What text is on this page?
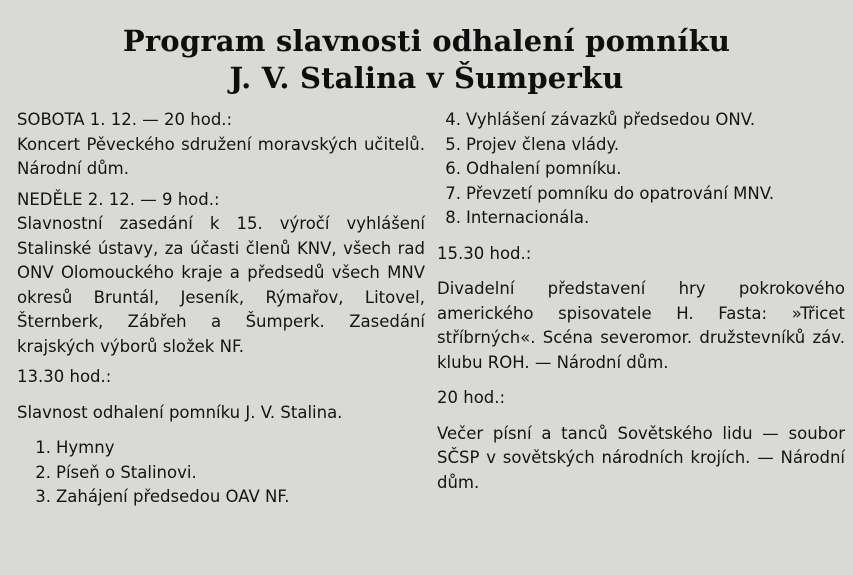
Program slavnosti odhalení pomníku
J. V. Stalina v Šumperku

SOBOTA 1. 12. — 20 hod.:

Koncert Pěveckého sdružení moravských učitelů. Národní dům.

NEDĚLE 2. 12. — 9 hod.:

Slavnostní zasedání k 15. výročí vyhlášení Stalinské ústavy, za účasti členů KNV, všech rad ONV Olomouckého kraje a předsedů všech MNV okresů Bruntál, Jeseník, Rýmařov, Litovel, Šternberk, Zábřeh a Šumperk. Zasedání krajských výborů složek NF.

13.30 hod.:

Slavnost odhalení pomníku J. V. Stalina.

1. Hymny
2. Píseň o Stalinovi.
3. Zahájení předsedou OAV NF.
4. Vyhlášení závazků předsedou ONV.
5. Projev člena vlády.
6. Odhalení pomníku.
7. Převzetí pomníku do opatrování MNV.
8. Internacionála.

15.30 hod.:

Divadelní představení hry pokrokového amerického spisovatele H. Fasta: »Třicet stříbrných«. Scéna severomor. družstevníků záv. klubu ROH. — Národní dům.

20 hod.:

Večer písní a tanců Sovětského lidu — soubor SČSP v sovětských národních krojích. — Národní dům.
